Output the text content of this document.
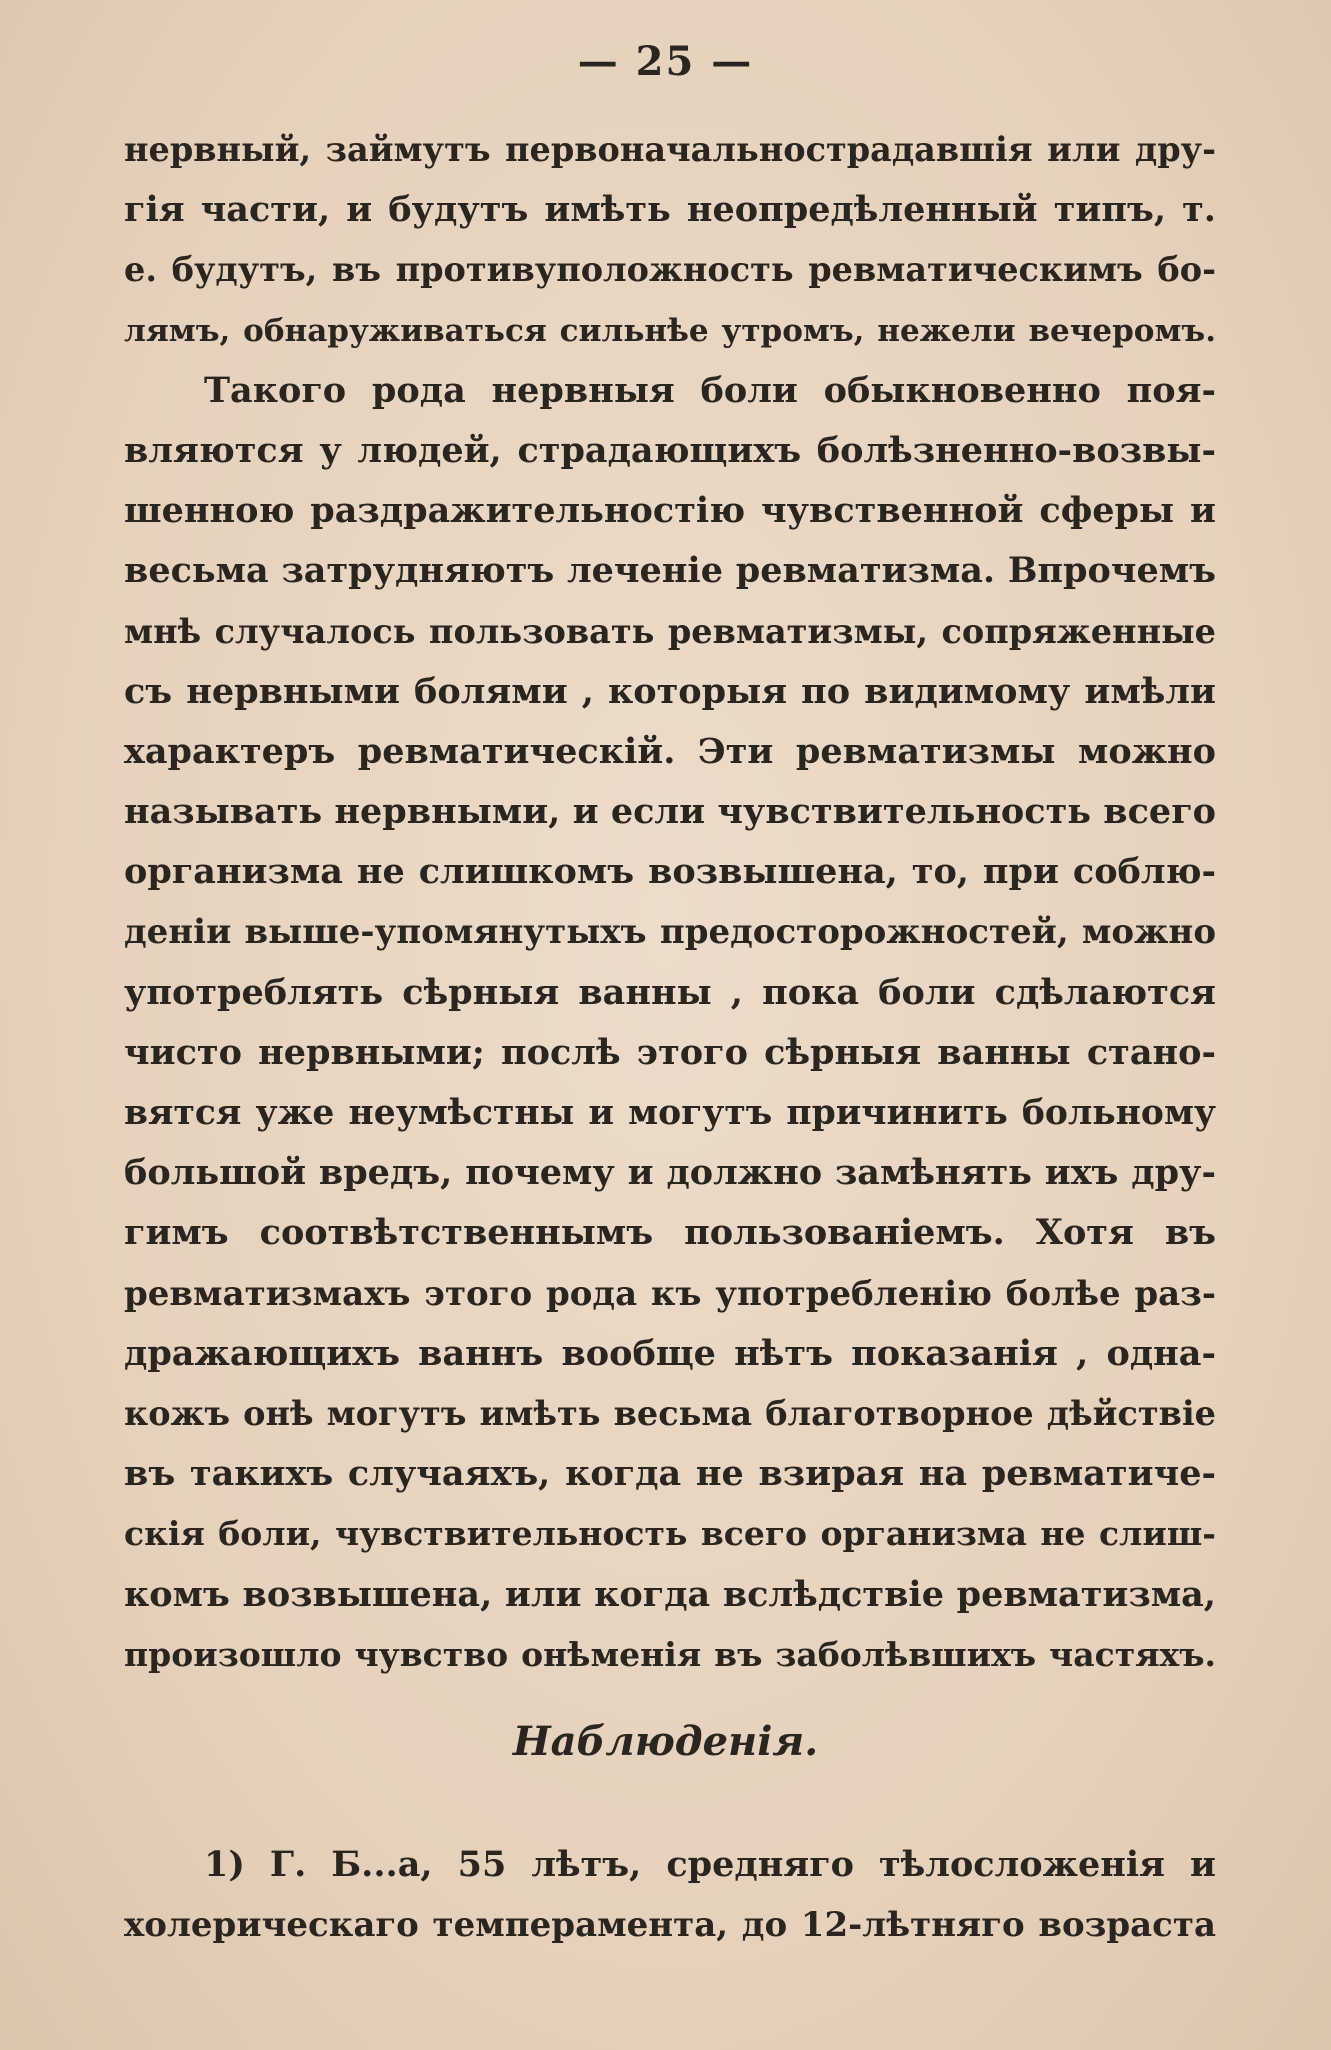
— 25 —
нервный, займутъ первоначальнострадавшія или дру-
гія части, и будутъ имѣть неопредѣленный типъ, т.
е. будутъ, въ противуположность ревматическимъ бо-
лямъ, обнаруживаться сильнѣе утромъ, нежели вечеромъ.
Такого рода нервныя боли обыкновенно поя-
вляются у людей, страдающихъ болѣзненно-возвы-
шенною раздражительностію чувственной сферы и
весьма затрудняютъ леченіе ревматизма. Впрочемъ
мнѣ случалось пользовать ревматизмы, сопряженные
съ нервными болями , которыя по видимому имѣли
характеръ ревматическій. Эти ревматизмы можно
называть нервными, и если чувствительность всего
организма не слишкомъ возвышена, то, при соблю-
деніи выше-упомянутыхъ предосторожностей, можно
употреблять сѣрныя ванны , пока боли сдѣлаются
чисто нервными; послѣ этого сѣрныя ванны стано-
вятся уже неумѣстны и могутъ причинить больному
большой вредъ, почему и должно замѣнять ихъ дру-
гимъ соотвѣтственнымъ пользованіемъ. Хотя въ
ревматизмахъ этого рода къ употребленію болѣе раз-
дражающихъ ваннъ вообще нѣтъ показанія , одна-
кожъ онѣ могутъ имѣть весьма благотворное дѣйствіе
въ такихъ случаяхъ, когда не взирая на ревматиче-
скія боли, чувствительность всего организма не слиш-
комъ возвышена, или когда вслѣдствіе ревматизма,
произошло чувство онѣменія въ заболѣвшихъ частяхъ.
Наблюденія.
1) Г. Б...а, 55 лѣтъ, средняго тѣлосложенія и
холерическаго темперамента, до 12-лѣтняго возраста
